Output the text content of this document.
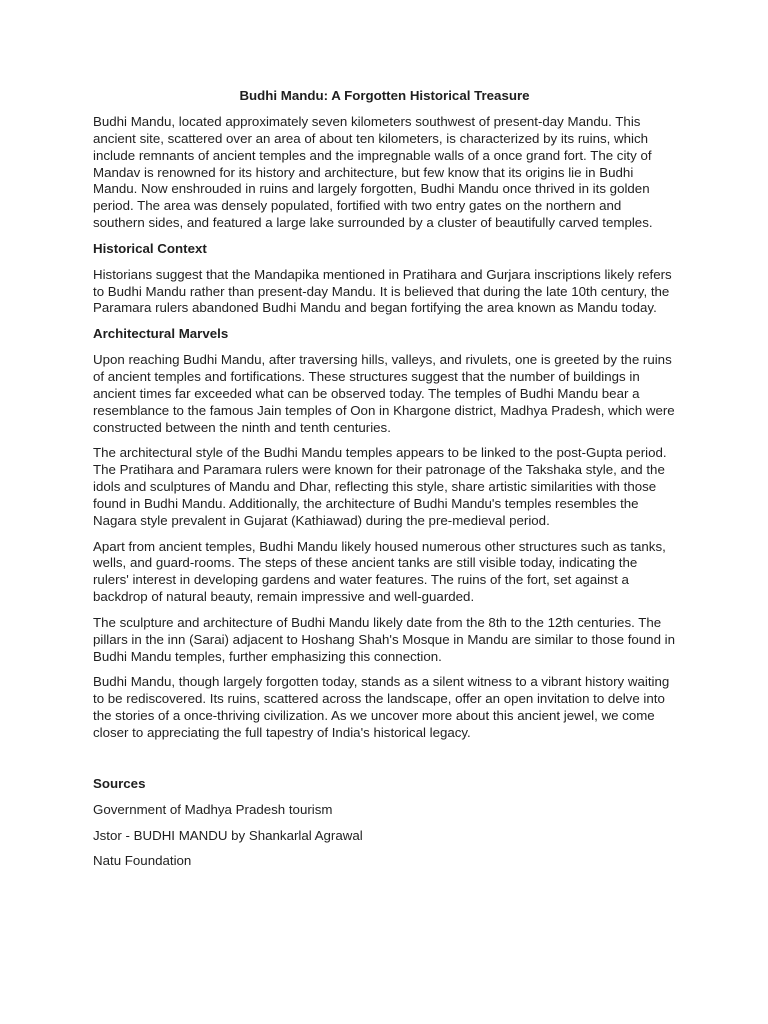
Budhi Mandu: A Forgotten Historical Treasure

Budhi Mandu, located approximately seven kilometers southwest of present-day Mandu. This ancient site, scattered over an area of about ten kilometers, is characterized by its ruins, which include remnants of ancient temples and the impregnable walls of a once grand fort. The city of Mandav is renowned for its history and architecture, but few know that its origins lie in Budhi Mandu. Now enshrouded in ruins and largely forgotten, Budhi Mandu once thrived in its golden period. The area was densely populated, fortified with two entry gates on the northern and southern sides, and featured a large lake surrounded by a cluster of beautifully carved temples.

Historical Context

Historians suggest that the Mandapika mentioned in Pratihara and Gurjara inscriptions likely refers to Budhi Mandu rather than present-day Mandu. It is believed that during the late 10th century, the Paramara rulers abandoned Budhi Mandu and began fortifying the area known as Mandu today.

Architectural Marvels

Upon reaching Budhi Mandu, after traversing hills, valleys, and rivulets, one is greeted by the ruins of ancient temples and fortifications. These structures suggest that the number of buildings in ancient times far exceeded what can be observed today. The temples of Budhi Mandu bear a resemblance to the famous Jain temples of Oon in Khargone district, Madhya Pradesh, which were constructed between the ninth and tenth centuries.

The architectural style of the Budhi Mandu temples appears to be linked to the post-Gupta period. The Pratihara and Paramara rulers were known for their patronage of the Takshaka style, and the idols and sculptures of Mandu and Dhar, reflecting this style, share artistic similarities with those found in Budhi Mandu. Additionally, the architecture of Budhi Mandu's temples resembles the Nagara style prevalent in Gujarat (Kathiawad) during the pre-medieval period.

Apart from ancient temples, Budhi Mandu likely housed numerous other structures such as tanks, wells, and guard-rooms. The steps of these ancient tanks are still visible today, indicating the rulers' interest in developing gardens and water features. The ruins of the fort, set against a backdrop of natural beauty, remain impressive and well-guarded.

The sculpture and architecture of Budhi Mandu likely date from the 8th to the 12th centuries. The pillars in the inn (Sarai) adjacent to Hoshang Shah's Mosque in Mandu are similar to those found in Budhi Mandu temples, further emphasizing this connection.

Budhi Mandu, though largely forgotten today, stands as a silent witness to a vibrant history waiting to be rediscovered. Its ruins, scattered across the landscape, offer an open invitation to delve into the stories of a once-thriving civilization. As we uncover more about this ancient jewel, we come closer to appreciating the full tapestry of India's historical legacy.

Sources
Government of Madhya Pradesh tourism
Jstor - BUDHI MANDU by Shankarlal Agrawal
Natu Foundation
